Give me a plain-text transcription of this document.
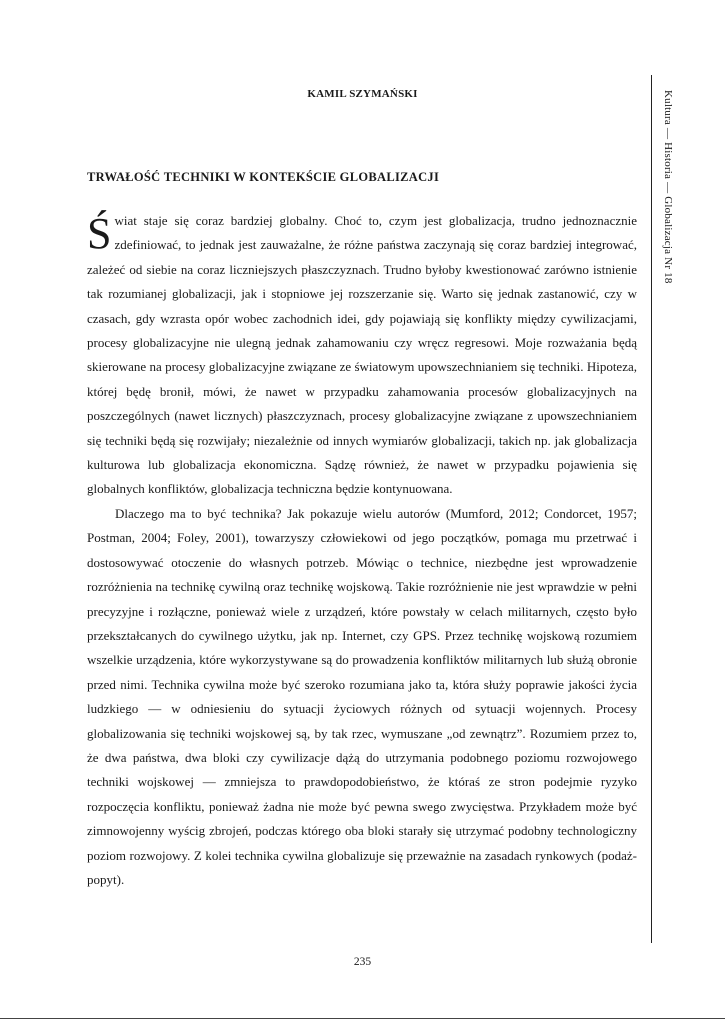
KAMIL SZYMAŃSKI
TRWAŁOŚĆ TECHNIKI W KONTEKŚCIE GLOBALIZACJI	Kultura — Historia — Globalizacja Nr 18

Świat staje się coraz bardziej globalny. Choć to, czym jest globalizacja, trudno jednoznacznie zdefiniować, to jednak jest zauważalne, że różne państwa zaczynają się coraz bardziej integrować, zależeć od siebie na coraz liczniejszych płaszczyznach. Trudno byłoby kwestionować zarówno istnienie tak rozumianej globalizacji, jak i stopniowe jej rozszerzanie się. Warto się jednak zastanowić, czy w czasach, gdy wzrasta opór wobec zachodnich idei, gdy pojawiają się konflikty między cywilizacjami, procesy globalizacyjne nie ulegną jednak zahamowaniu czy wręcz regresowi. Moje rozważania będą skierowane na procesy globalizacyjne związane ze światowym upowszechnianiem się techniki. Hipoteza, której będę bronił, mówi, że nawet w przypadku zahamowania procesów globalizacyjnych na poszczególnych (nawet licznych) płaszczyznach, procesy globalizacyjne związane z upowszechnianiem się techniki będą się rozwijały; niezależnie od innych wymiarów globalizacji, takich np. jak globalizacja kulturowa lub globalizacja ekonomiczna. Sądzę również, że nawet w przypadku pojawienia się globalnych konfliktów, globalizacja techniczna będzie kontynuowana.

Dlaczego ma to być technika? Jak pokazuje wielu autorów (Mumford, 2012; Condorcet, 1957; Postman, 2004; Foley, 2001), towarzyszy człowiekowi od jego początków, pomaga mu przetrwać i dostosowywać otoczenie do własnych potrzeb. Mówiąc o technice, niezbędne jest wprowadzenie rozróżnienia na technikę cywilną oraz technikę wojskową. Takie rozróżnienie nie jest wprawdzie w pełni precyzyjne i rozłączne, ponieważ wiele z urządzeń, które powstały w celach militarnych, często było przekształcanych do cywilnego użytku, jak np. Internet, czy GPS. Przez technikę wojskową rozumiem wszelkie urządzenia, które wykorzystywane są do prowadzenia konfliktów militarnych lub służą obronie przed nimi. Technika cywilna może być szeroko rozumiana jako ta, która służy poprawie jakości życia ludzkiego — w odniesieniu do sytuacji życiowych różnych od sytuacji wojennych. Procesy globalizowania się techniki wojskowej są, by tak rzec, wymuszane „od zewnątrz”. Rozumiem przez to, że dwa państwa, dwa bloki czy cywilizacje dążą do utrzymania podobnego poziomu rozwojowego techniki wojskowej — zmniejsza to prawdopodobieństwo, że któraś ze stron podejmie ryzyko rozpoczęcia konfliktu, ponieważ żadna nie może być pewna swego zwycięstwa. Przykładem może być zimnowojenny wyścig zbrojeń, podczas którego oba bloki starały się utrzymać podobny technologiczny poziom rozwojowy. Z kolei technika cywilna globalizuje się przeważnie na zasadach rynkowych (podaż-popyt).

235
